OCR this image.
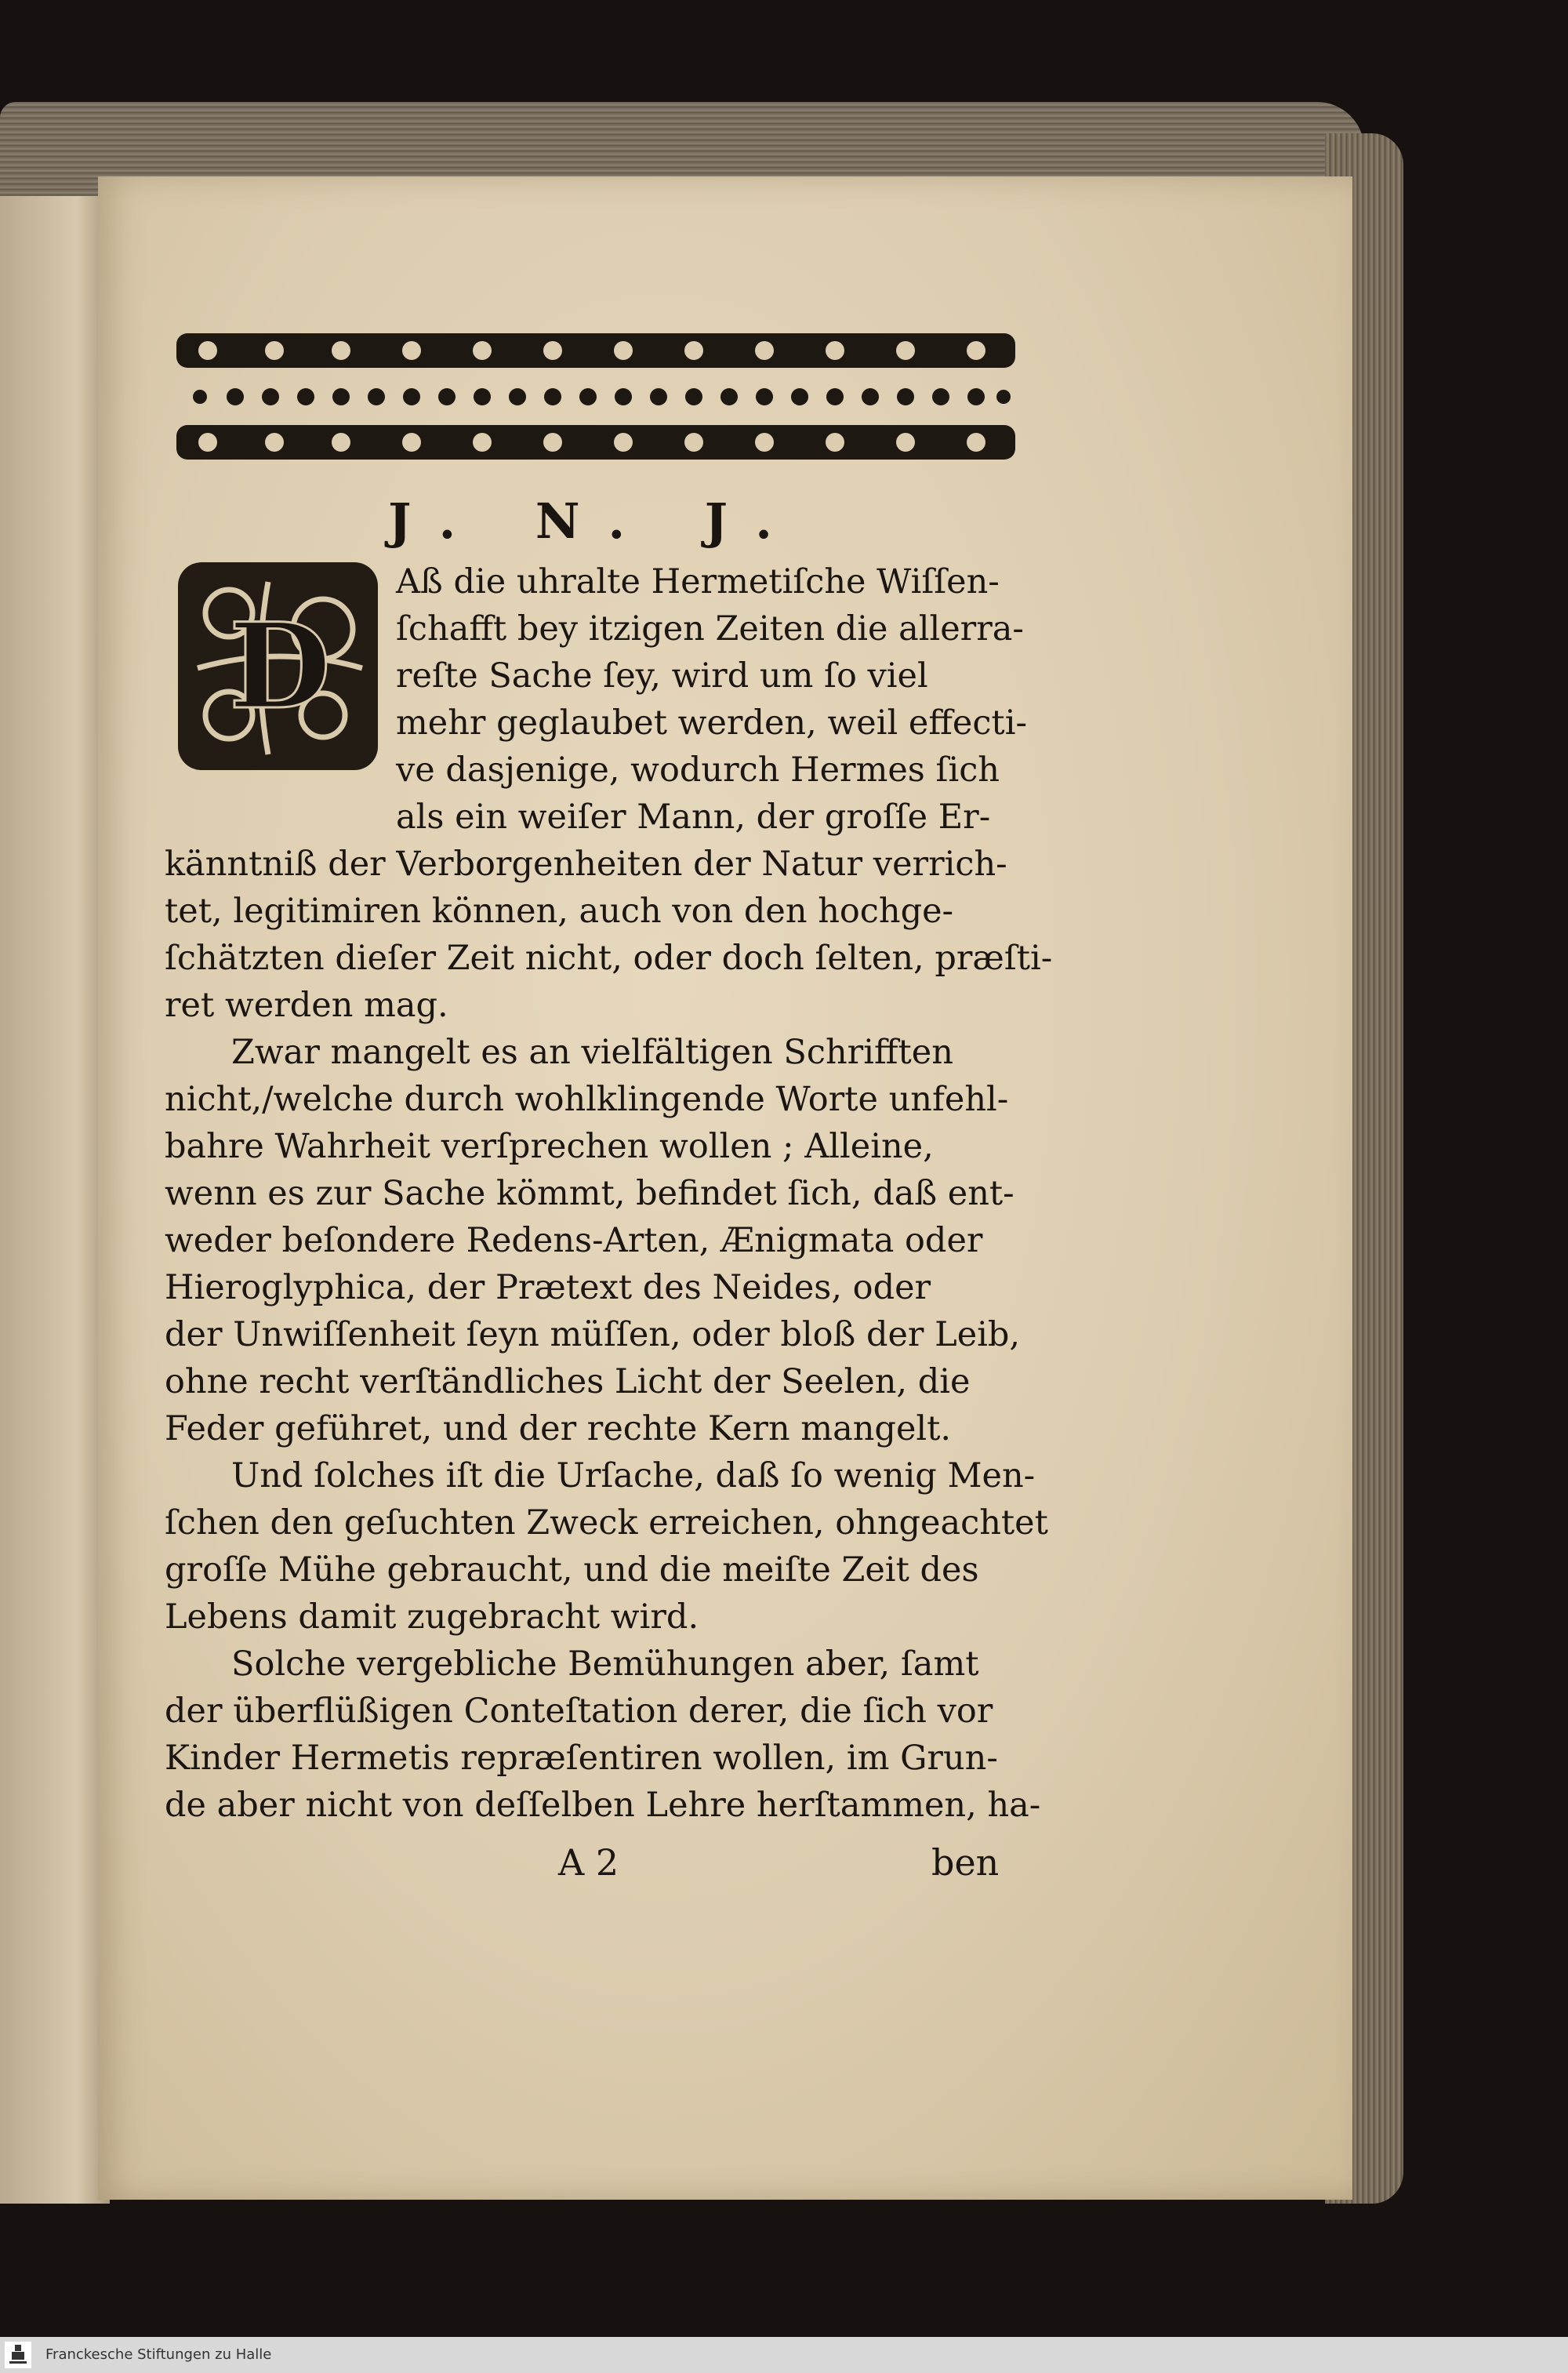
J. N. J.
D
Aß die uhralte Hermetiſche Wiſſen-
ſchafft bey itzigen Zeiten die allerra-
reſte Sache ſey, wird um ſo viel
mehr geglaubet werden, weil effecti-
ve dasjenige, wodurch Hermes ſich
als ein weiſer Mann, der groſſe Er-
känntniß der Verborgenheiten der Natur verrich-
tet, legitimiren können, auch von den hochge-
ſchätzten dieſer Zeit nicht, oder doch ſelten, præſti-
ret werden mag.
Zwar mangelt es an vielfältigen Schrifften
nicht,/welche durch wohlklingende Worte unfehl-
bahre Wahrheit verſprechen wollen ; Alleine,
wenn es zur Sache kömmt, befindet ſich, daß ent-
weder beſondere Redens-Arten, Ænigmata oder
Hieroglyphica, der Prætext des Neides, oder
der Unwiſſenheit ſeyn müſſen, oder bloß der Leib,
ohne recht verſtändliches Licht der Seelen, die
Feder geführet, und der rechte Kern mangelt.
Und ſolches iſt die Urſache, daß ſo wenig Men-
ſchen den geſuchten Zweck erreichen, ohngeachtet
groſſe Mühe gebraucht, und die meiſte Zeit des
Lebens damit zugebracht wird.
Solche vergebliche Bemühungen aber, ſamt
der überflüßigen Conteſtation derer, die ſich vor
Kinder Hermetis repræſentiren wollen, im Grun-
de aber nicht von deſſelben Lehre herſtammen, ha-
A 2	ben
Franckesche Stiftungen zu Halle
